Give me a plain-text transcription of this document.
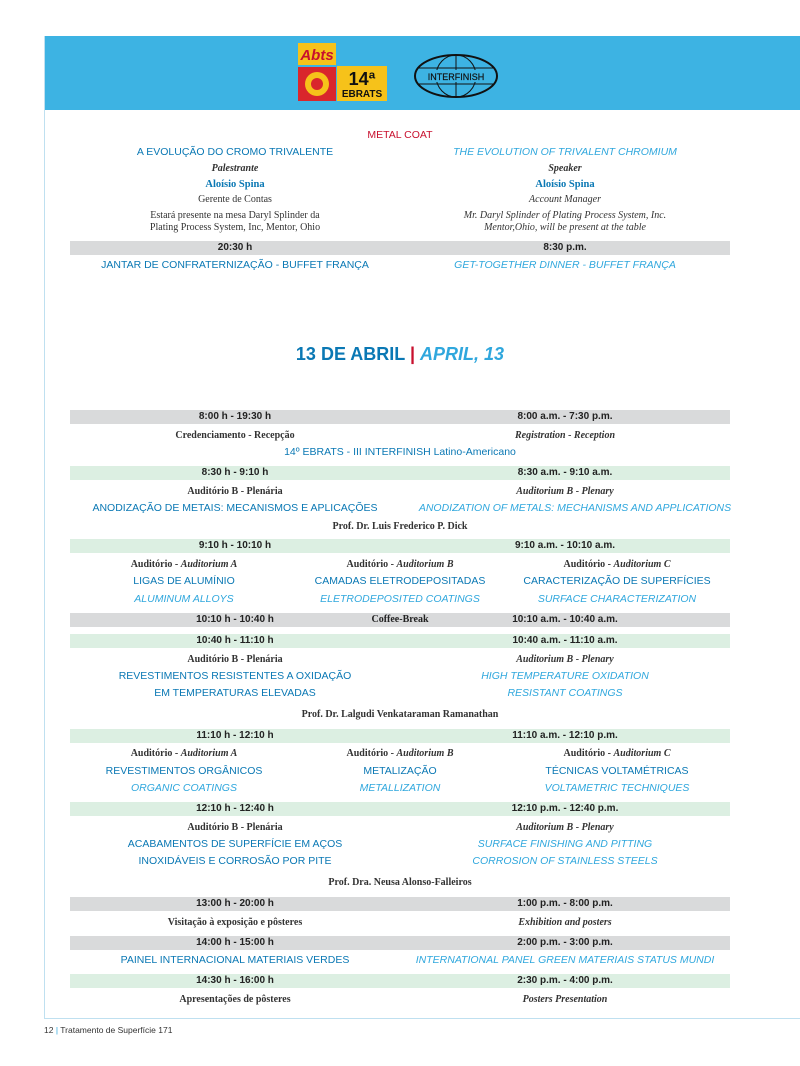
Abts
14ª
EBRATS
INTERFINISH
METAL COAT
A EVOLUÇÃO DO CROMO TRIVALENTE	THE EVOLUTION OF TRIVALENT CHROMIUM
Palestrante	Speaker
Aloísio Spina	Aloísio Spina
Gerente de Contas	Account Manager
Estará presente na mesa Daryl Splinder da
Plating Process System, Inc, Mentor, Ohio
Mr. Daryl Splinder of Plating Process System, Inc.
Mentor,Ohio, will be present at the table
20:30 h	8:30 p.m.
JANTAR DE CONFRATERNIZAÇÃO - BUFFET FRANÇA	GET-TOGETHER DINNER - BUFFET FRANÇA
13 DE ABRIL | APRIL, 13
8:00 h - 19:30 h	8:00 a.m. - 7:30 p.m.
Credenciamento - Recepção	Registration - Reception
14º EBRATS - III INTERFINISH Latino-Americano
8:30 h - 9:10 h	8:30 a.m. - 9:10 a.m.
Auditório B - Plenária	Auditorium B - Plenary
ANODIZAÇÃO DE METAIS: MECANISMOS E APLICAÇÕES	ANODIZATION OF METALS: MECHANISMS AND APPLICATIONS
Prof. Dr. Luis Frederico P. Dick
9:10 h - 10:10 h	9:10 a.m. - 10:10 a.m.
Auditório - Auditorium A	Auditório - Auditorium B	Auditório - Auditorium C
LIGAS DE ALUMÍNIO	CAMADAS ELETRODEPOSITADAS	CARACTERIZAÇÃO DE SUPERFÍCIES
ALUMINUM ALLOYS	ELETRODEPOSITED COATINGS	SURFACE CHARACTERIZATION
10:10 h - 10:40 h	Coffee-Break	10:10 a.m. - 10:40 a.m.
10:40 h - 11:10 h	10:40 a.m. - 11:10 a.m.
Auditório B - Plenária	Auditorium B - Plenary
REVESTIMENTOS RESISTENTES A OXIDAÇÃO
EM TEMPERATURAS ELEVADAS
HIGH TEMPERATURE OXIDATION
RESISTANT COATINGS
Prof. Dr. Lalgudi Venkataraman Ramanathan
11:10 h - 12:10 h	11:10 a.m. - 12:10 p.m.
Auditório - Auditorium A	Auditório - Auditorium B	Auditório - Auditorium C
REVESTIMENTOS ORGÂNICOS	METALIZAÇÃO	TÉCNICAS VOLTAMÉTRICAS
ORGANIC COATINGS	METALLIZATION	VOLTAMETRIC TECHNIQUES
12:10 h - 12:40 h	12:10 p.m. - 12:40 p.m.
Auditório B - Plenária	Auditorium B - Plenary
ACABAMENTOS DE SUPERFÍCIE EM AÇOS
INOXIDÁVEIS E CORROSÃO POR PITE
SURFACE FINISHING AND PITTING
CORROSION OF STAINLESS STEELS
Prof. Dra. Neusa Alonso-Falleiros
13:00 h - 20:00 h	1:00 p.m. - 8:00 p.m.
Visitação à exposição e pôsteres	Exhibition and posters
14:00 h - 15:00 h	2:00 p.m. - 3:00 p.m.
PAINEL INTERNACIONAL MATERIAIS VERDES	INTERNATIONAL PANEL GREEN MATERIAIS STATUS MUNDI
14:30 h - 16:00 h	2:30 p.m. - 4:00 p.m.
Apresentações de pôsteres	Posters Presentation
12 | Tratamento de Superfície 171
